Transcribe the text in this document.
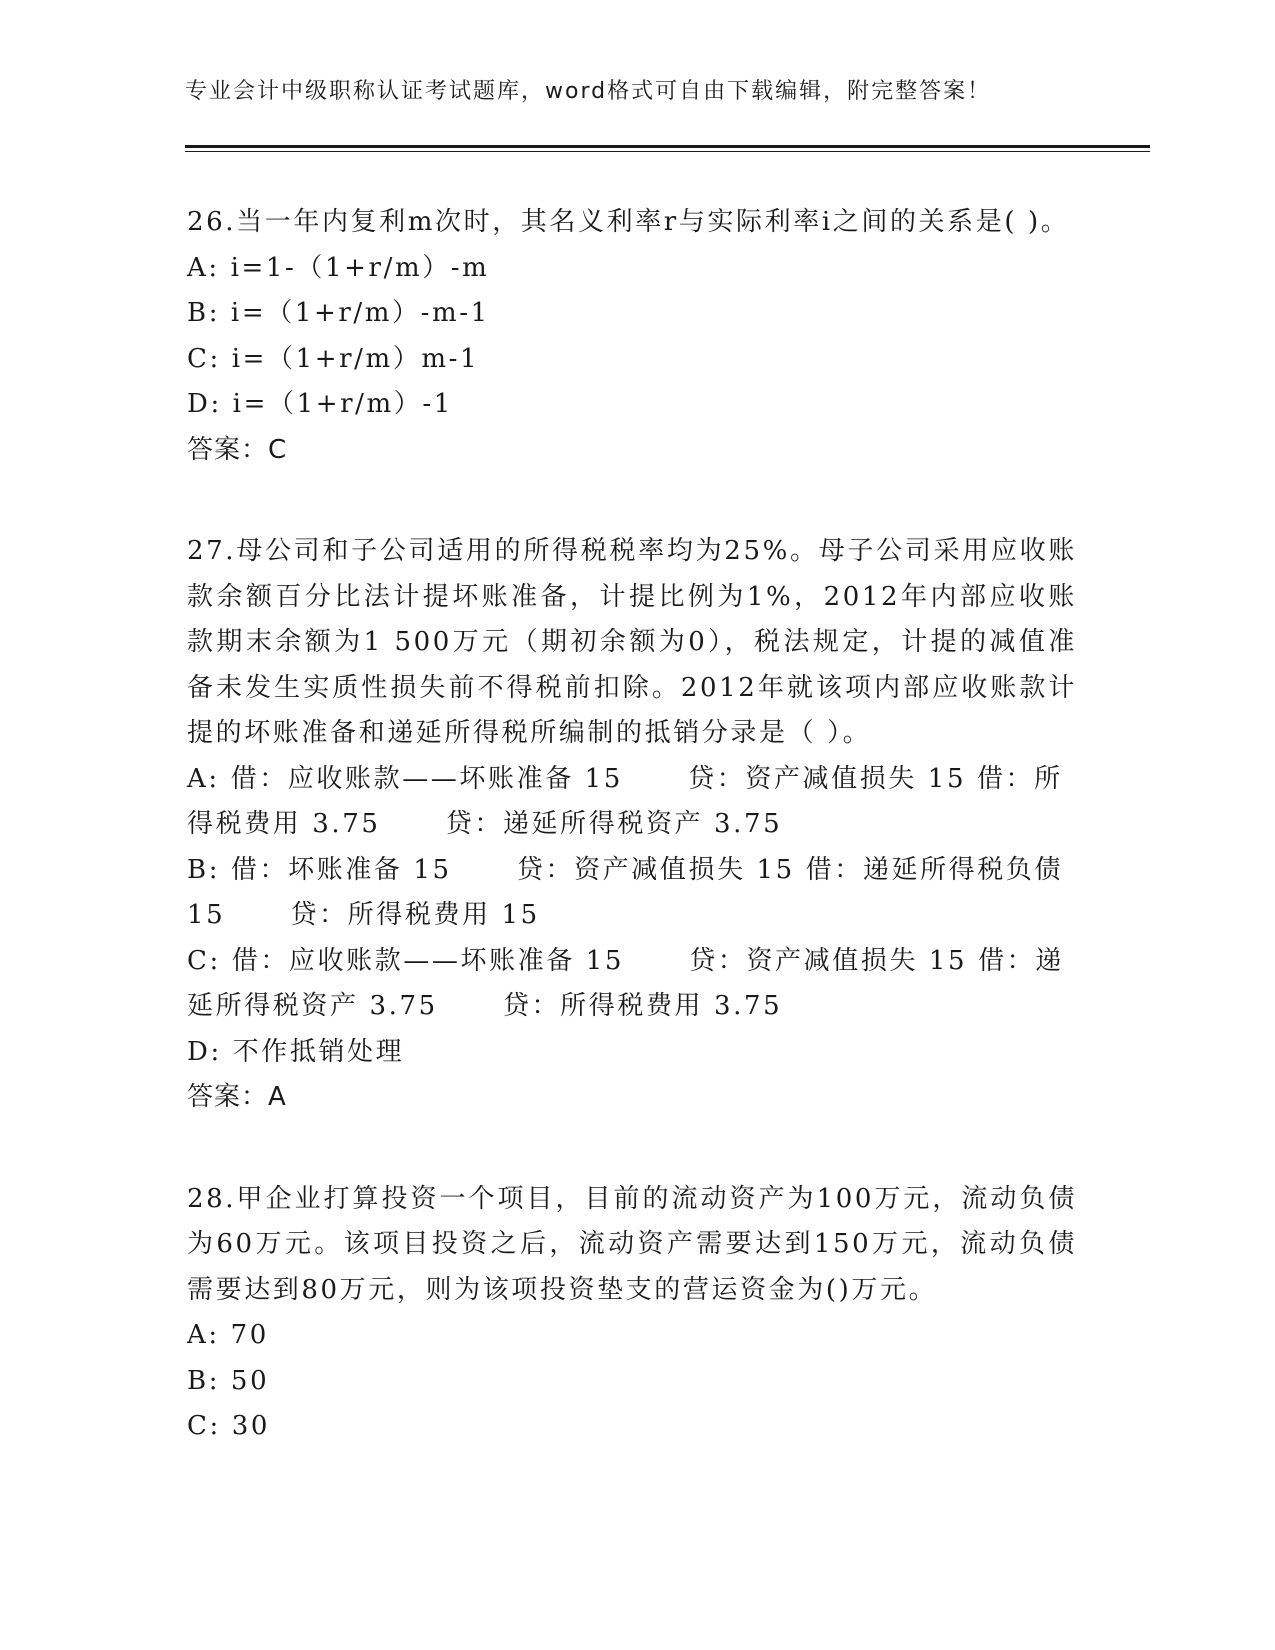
专业会计中级职称认证考试题库，word格式可自由下载编辑，附完整答案！
26.当一年内复利m次时，其名义利率r与实际利率i之间的关系是( )。
A: i=1-（1+r/m）-m
B: i=（1+r/m）-m-1
C: i=（1+r/m）m-1
D: i=（1+r/m）-1
答案：C
27.母公司和子公司适用的所得税税率均为25%。母子公司采用应收账款余额百分比法计提坏账准备，计提比例为1%，2012年内部应收账款期末余额为1 500万元（期初余额为0），税法规定，计提的减值准备未发生实质性损失前不得税前扣除。2012年就该项内部应收账款计提的坏账准备和递延所得税所编制的抵销分录是（ ）。
A: 借：应收账款——坏账准备 15      贷：资产减值损失 15 借：所得税费用 3.75      贷：递延所得税资产 3.75
B: 借：坏账准备 15      贷：资产减值损失 15 借：递延所得税负债 15      贷：所得税费用 15
C: 借：应收账款——坏账准备 15      贷：资产减值损失 15 借：递延所得税资产 3.75      贷：所得税费用 3.75
D: 不作抵销处理
答案：A
28.甲企业打算投资一个项目，目前的流动资产为100万元，流动负债为60万元。该项目投资之后，流动资产需要达到150万元，流动负债需要达到80万元，则为该项投资垫支的营运资金为()万元。
A: 70
B: 50
C: 30
